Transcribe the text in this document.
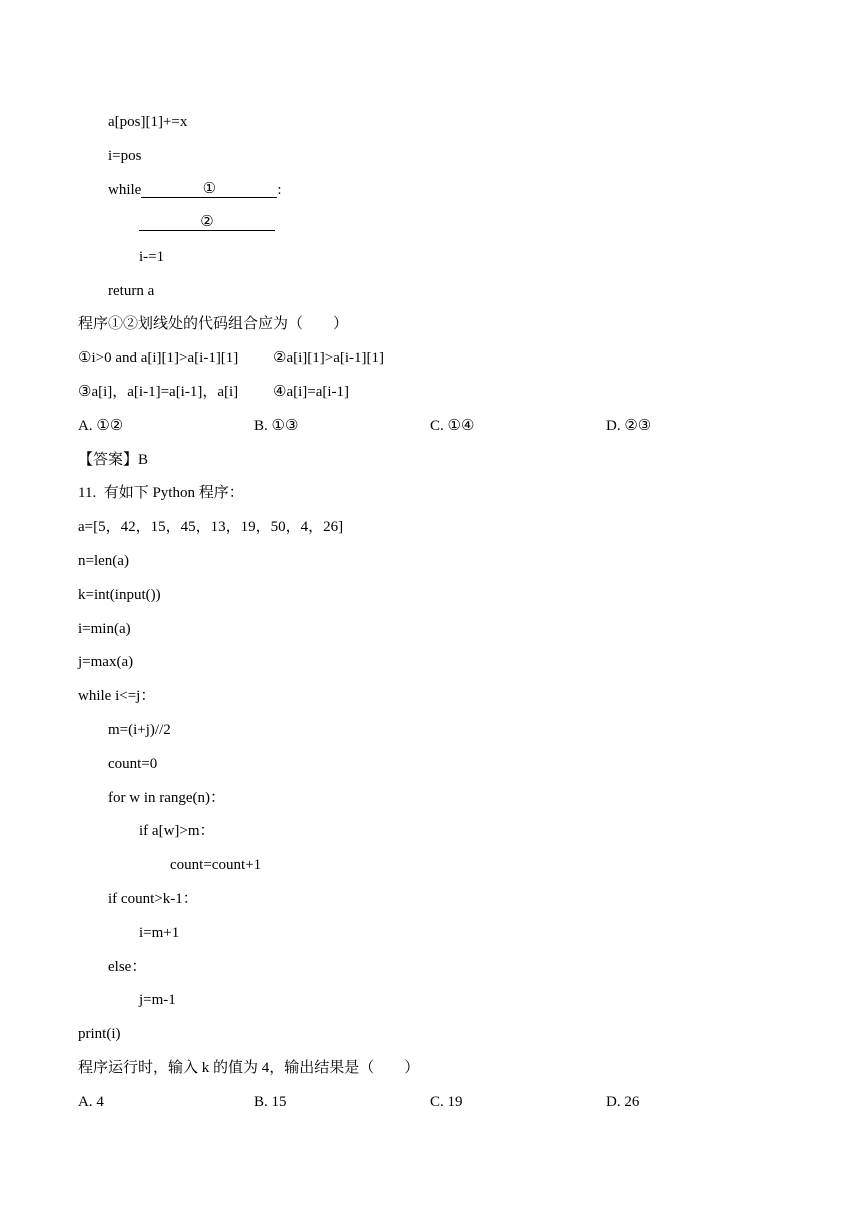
a[pos][1]+=x
i=pos
while	①	:
②
i-=1
return a
程序①②划线处的代码组合应为（　　）
①i>0 and a[i][1]>a[i-1][1] ②a[i][1]>a[i-1][1]
③a[i]，a[i-1]=a[i-1]，a[i] ④a[i]=a[i-1]
A. ①②	B. ①③	C. ①④	D. ②③
【答案】B
11.  有如下 Python 程序：
a=[5，42，15，45，13，19，50，4，26]
n=len(a)
k=int(input())
i=min(a)
j=max(a)
while i<=j：
m=(i+j)//2
count=0
for w in range(n)：
if a[w]>m：
count=count+1
if count>k-1：
i=m+1
else：
j=m-1
print(i)
程序运行时，输入 k 的值为 4，输出结果是（　　）
A. 4	B. 15	C. 19	D. 26
